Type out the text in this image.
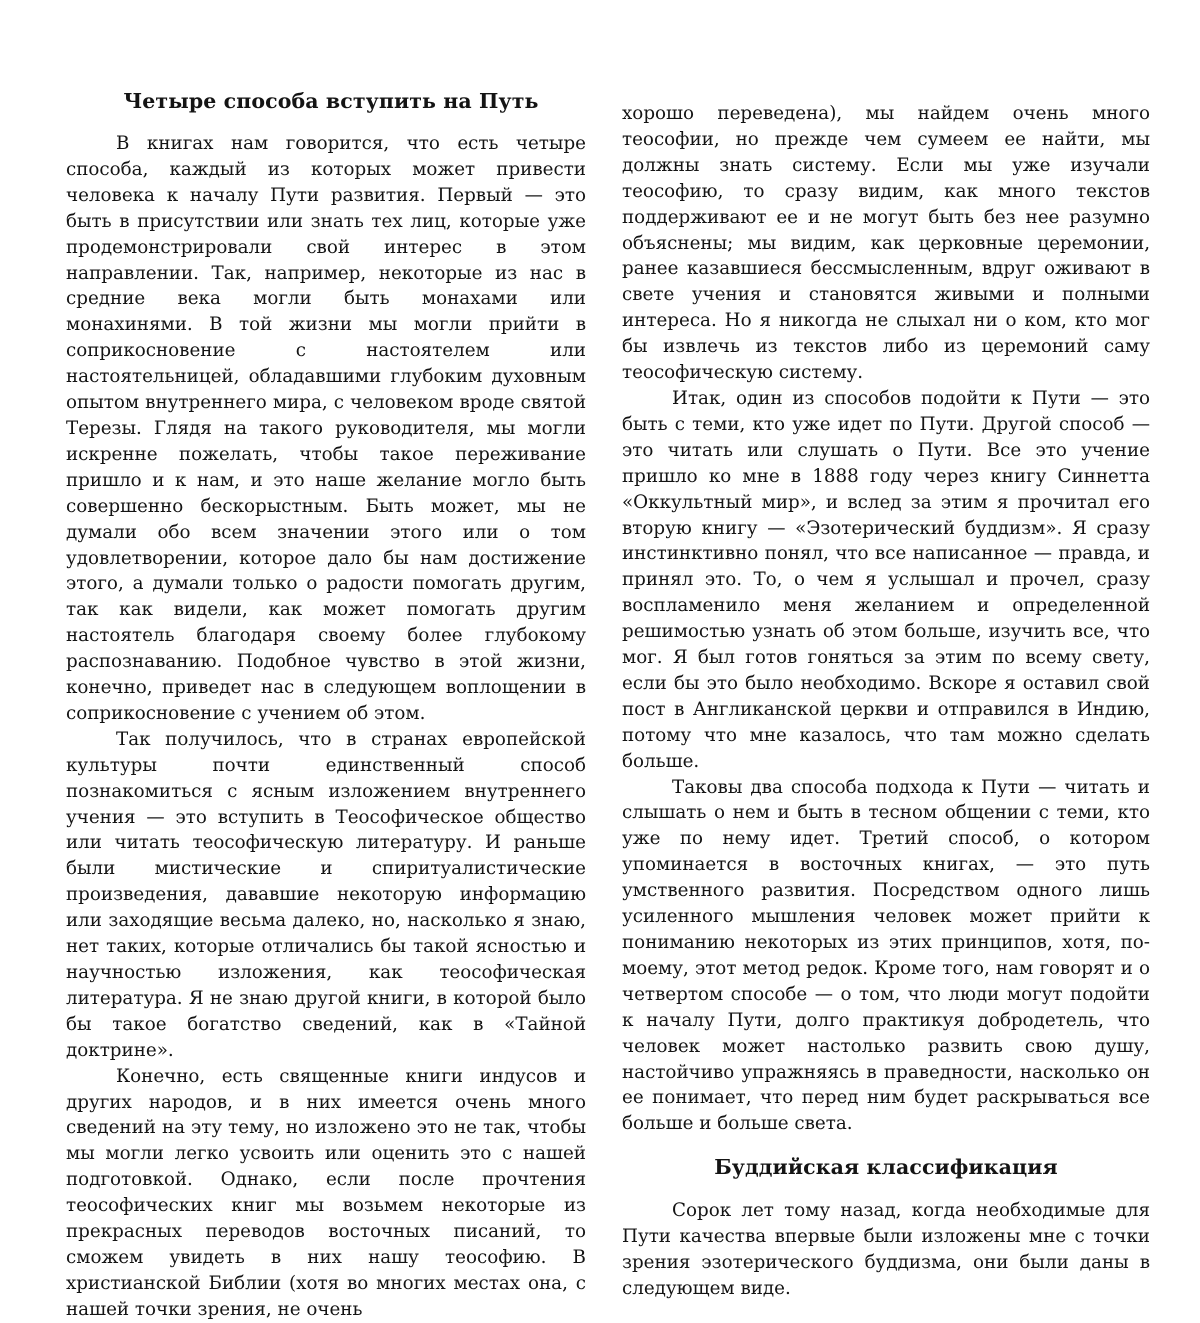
Четыре способа вступить на Путь

В книгах нам говорится, что есть четыре способа, каждый из которых может привести человека к началу Пути развития. Первый — это быть в присутствии или знать тех лиц, которые уже продемонстрировали свой интерес в этом направлении. Так, например, некоторые из нас в средние века могли быть монахами или монахинями. В той жизни мы могли прийти в соприкосновение с настоятелем или настоятельницей, обладавшими глубоким духовным опытом внутреннего мира, с человеком вроде святой Терезы. Глядя на такого руководителя, мы могли искренне пожелать, чтобы такое переживание пришло и к нам, и это наше желание могло быть совершенно бескорыстным. Быть может, мы не думали обо всем значении этого или о том удовлетворении, которое дало бы нам достижение этого, а думали только о радости помогать другим, так как видели, как может помогать другим настоятель благодаря своему более глубокому распознаванию. Подобное чувство в этой жизни, конечно, приведет нас в следующем воплощении в соприкосновение с учением об этом.

Так получилось, что в странах европейской культуры почти единственный способ познакомиться с ясным изложением внутреннего учения — это вступить в Теософическое общество или читать теософическую литературу. И раньше были мистические и спиритуалистические произведения, дававшие некоторую информацию или заходящие весьма далеко, но, насколько я знаю, нет таких, которые отличались бы такой ясностью и научностью изложения, как теософическая литература. Я не знаю другой книги, в которой было бы такое богатство сведений, как в «Тайной доктрине».

Конечно, есть священные книги индусов и других народов, и в них имеется очень много сведений на эту тему, но изложено это не так, чтобы мы могли легко усвоить или оценить это с нашей подготовкой. Однако, если после прочтения теософических книг мы возьмем некоторые из прекрасных переводов восточных писаний, то сможем увидеть в них нашу теософию. В христианской Библии (хотя во многих местах она, с нашей точки зрения, не очень

хорошо переведена), мы найдем очень много теософии, но прежде чем сумеем ее найти, мы должны знать систему. Если мы уже изучали теософию, то сразу видим, как много текстов поддерживают ее и не могут быть без нее разумно объяснены; мы видим, как церковные церемонии, ранее казавшиеся бессмысленным, вдруг оживают в свете учения и становятся живыми и полными интереса. Но я никогда не слыхал ни о ком, кто мог бы извлечь из текстов либо из церемоний саму теософическую систему.

Итак, один из способов подойти к Пути — это быть с теми, кто уже идет по Пути. Другой способ — это читать или слушать о Пути. Все это учение пришло ко мне в 1888 году через книгу Синнетта «Оккультный мир», и вслед за этим я прочитал его вторую книгу — «Эзотерический буддизм». Я сразу инстинктивно понял, что все написанное — правда, и принял это. То, о чем я услышал и прочел, сразу воспламенило меня желанием и определенной решимостью узнать об этом больше, изучить все, что мог. Я был готов гоняться за этим по всему свету, если бы это было необходимо. Вскоре я оставил свой пост в Англиканской церкви и отправился в Индию, потому что мне казалось, что там можно сделать больше.

Таковы два способа подхода к Пути — читать и слышать о нем и быть в тесном общении с теми, кто уже по нему идет. Третий способ, о котором упоминается в восточных книгах, — это путь умственного развития. Посредством одного лишь усиленного мышления человек может прийти к пониманию некоторых из этих принципов, хотя, по-моему, этот метод редок. Кроме того, нам говорят и о четвертом способе — о том, что люди могут подойти к началу Пути, долго практикуя добродетель, что человек может настолько развить свою душу, настойчиво упражняясь в праведности, насколько он ее понимает, что перед ним будет раскрываться все больше и больше света.

Буддийская классификация

Сорок лет тому назад, когда необходимые для Пути качества впервые были изложены мне с точки зрения эзотерического буддизма, они были даны в следующем виде.
